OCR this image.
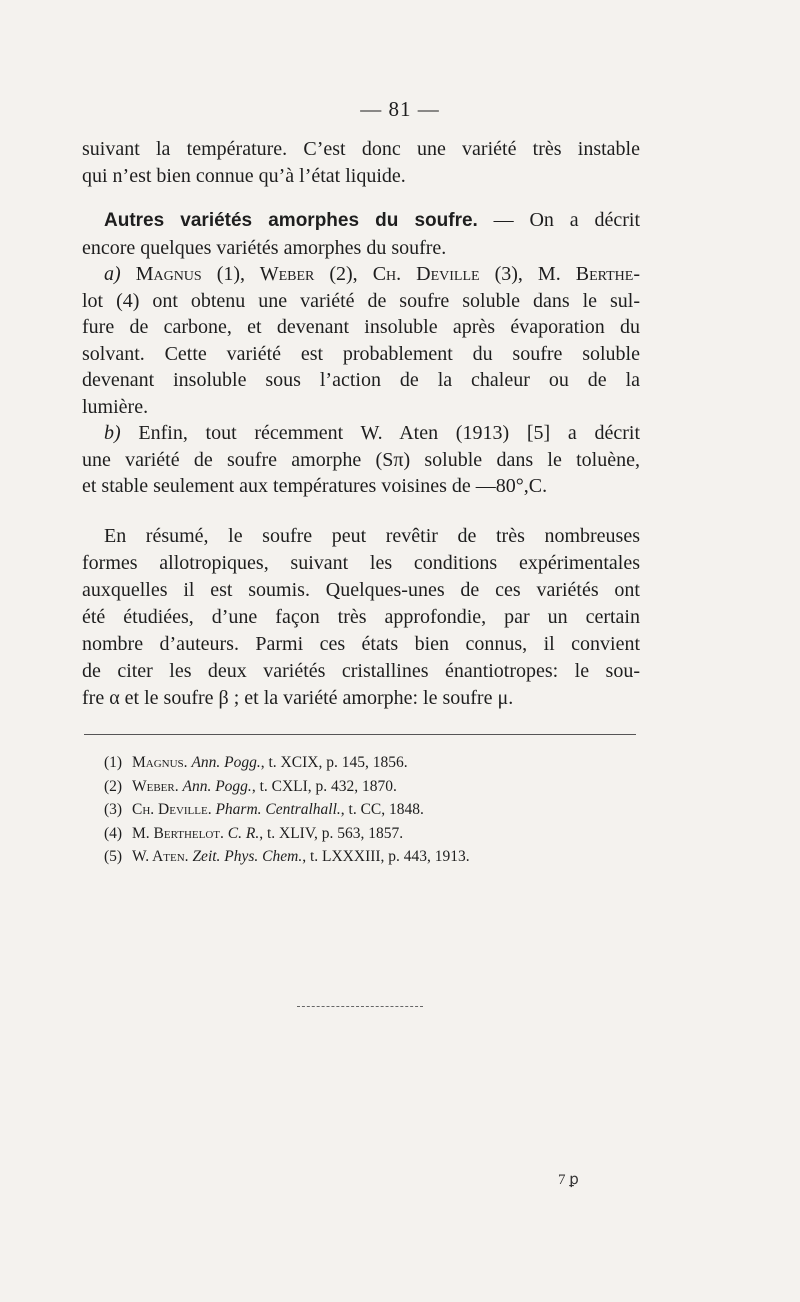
— 81 —
suivant la température. C’est donc une variété très instable
qui n’est bien connue qu’à l’état liquide.
Autres variétés amorphes du soufre. — On a décrit
encore quelques variétés amorphes du soufre.
a) Magnus (1), Weber (2), Ch. Deville (3), M. Berthe-
lot (4) ont obtenu une variété de soufre soluble dans le sul-
fure de carbone, et devenant insoluble après évaporation du
solvant. Cette variété est probablement du soufre soluble
devenant insoluble sous l’action de la chaleur ou de la
lumière.
b) Enfin, tout récemment W. Aten (1913) [5] a décrit
une variété de soufre amorphe (Sπ) soluble dans le toluène,
et stable seulement aux températures voisines de —80°,C.
En résumé, le soufre peut revêtir de très nombreuses
formes allotropiques, suivant les conditions expérimentales
auxquelles il est soumis. Quelques-unes de ces variétés ont
été étudiées, d’une façon très approfondie, par un certain
nombre d’auteurs. Parmi ces états bien connus, il convient
de citer les deux variétés cristallines énantiotropes: le sou-
fre α et le soufre β ; et la variété amorphe: le soufre μ.
(1) Magnus. Ann. Pogg., t. XCIX, p. 145, 1856.
(2) Weber. Ann. Pogg., t. CXLI, p. 432, 1870.
(3) Ch. Deville. Pharm. Centralhall., t. CC, 1848.
(4) M. Berthelot. C. R., t. XLIV, p. 563, 1857.
(5) W. Aten. Zeit. Phys. Chem., t. LXXXIII, p. 443, 1913.
7 ꝑ
